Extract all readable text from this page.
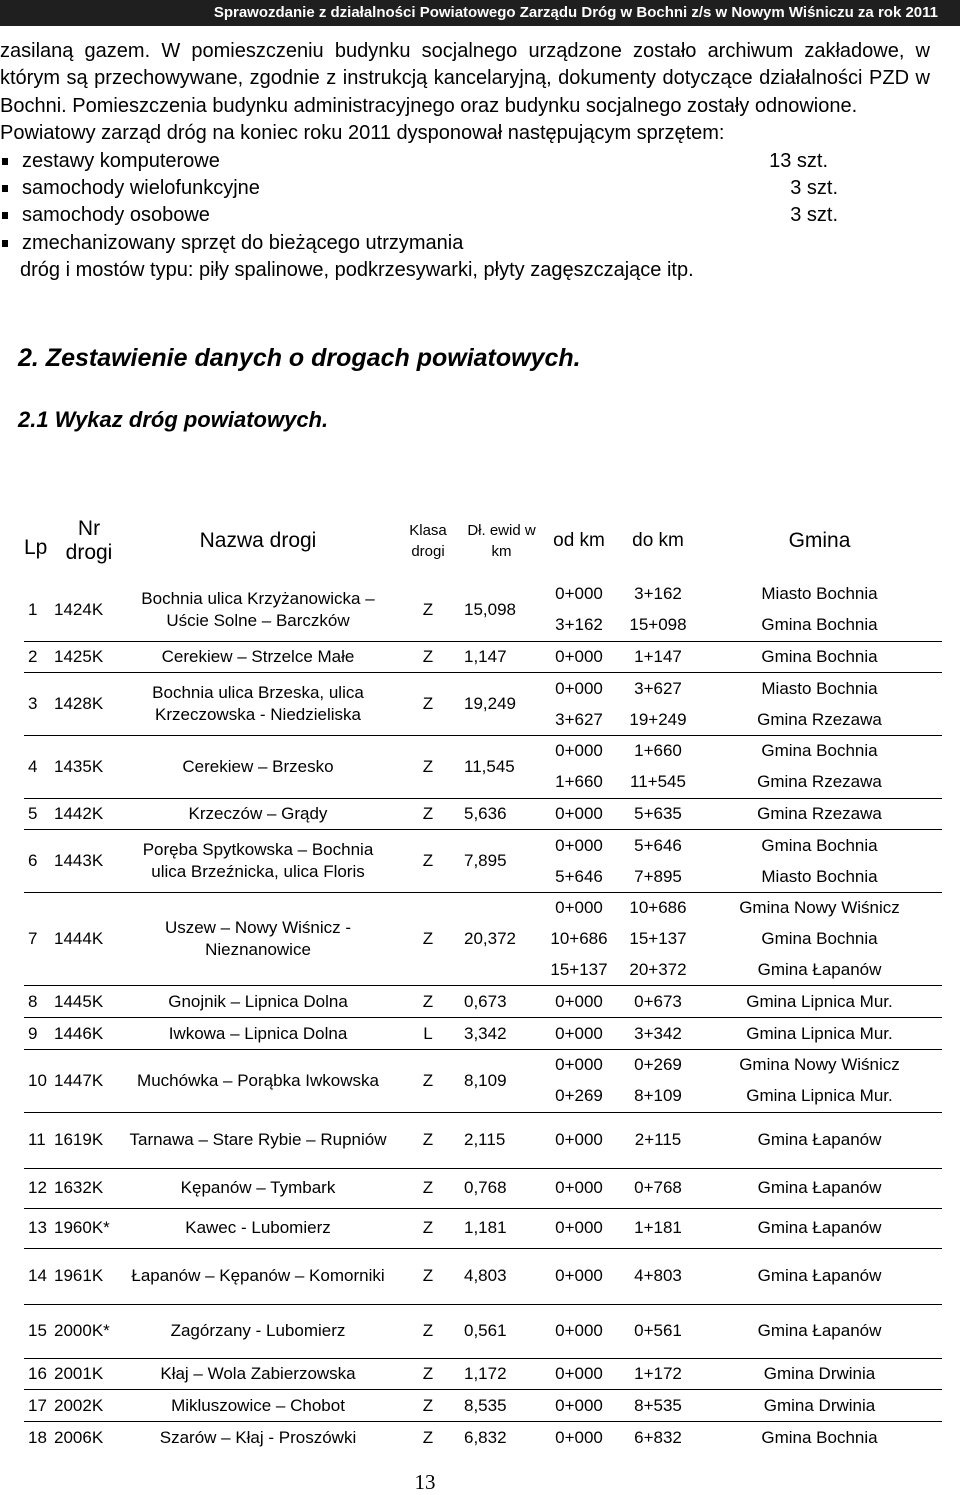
Sprawozdanie z działalności Powiatowego Zarządu Dróg w Bochni z/s w Nowym Wiśniczu za rok 2011

zasilaną gazem. W pomieszczeniu budynku socjalnego urządzone zostało archiwum zakładowe, w którym są przechowywane, zgodnie z instrukcją kancelaryjną, dokumenty dotyczące działalności PZD w Bochni. Pomieszczenia budynku administracyjnego oraz budynku socjalnego zostały odnowione.

Powiatowy zarząd dróg na koniec roku 2011 dysponował następującym sprzętem:

zestawy komputerowe	13 szt.
samochody wielofunkcyjne	3 szt.
samochody osobowe	3 szt.
zmechanizowany sprzęt do bieżącego utrzymania
dróg i mostów typu: piły spalinowe, podkrzesywarki, płyty zagęszczające itp.
2. Zestawienie danych o drogach powiatowych.
2.1 Wykaz dróg powiatowych.
Lp	Nr drogi	Nazwa drogi	Klasa drogi	Dł. ewid w km	od km	do km	Gmina
1	1424K	Bochnia ulica Krzyżanowicka – Uście Solne – Barczków	Z	15,098	0+000	3+162	Miasto Bochnia
					3+162	15+098	Gmina Bochnia
2	1425K	Cerekiew – Strzelce Małe	Z	1,147	0+000	1+147	Gmina Bochnia
3	1428K	Bochnia ulica Brzeska, ulica Krzeczowska - Niedzieliska	Z	19,249	0+000	3+627	Miasto Bochnia
					3+627	19+249	Gmina Rzezawa
4	1435K	Cerekiew – Brzesko	Z	11,545	0+000	1+660	Gmina Bochnia
					1+660	11+545	Gmina Rzezawa
5	1442K	Krzeczów – Grądy	Z	5,636	0+000	5+635	Gmina Rzezawa
6	1443K	Poręba Spytkowska – Bochnia ulica Brzeźnicka, ulica Floris	Z	7,895	0+000	5+646	Gmina Bochnia
					5+646	7+895	Miasto Bochnia
7	1444K	Uszew – Nowy Wiśnicz - Nieznanowice	Z	20,372	0+000	10+686	Gmina Nowy Wiśnicz
					10+686	15+137	Gmina Bochnia
					15+137	20+372	Gmina Łapanów
8	1445K	Gnojnik – Lipnica Dolna	Z	0,673	0+000	0+673	Gmina Lipnica Mur.
9	1446K	Iwkowa – Lipnica Dolna	L	3,342	0+000	3+342	Gmina Lipnica Mur.
10	1447K	Muchówka – Porąbka Iwkowska	Z	8,109	0+000	0+269	Gmina Nowy Wiśnicz
					0+269	8+109	Gmina Lipnica Mur.
11	1619K	Tarnawa – Stare Rybie – Rupniów	Z	2,115	0+000	2+115	Gmina Łapanów
12	1632K	Kępanów – Tymbark	Z	0,768	0+000	0+768	Gmina Łapanów
13	1960K*	Kawec - Lubomierz	Z	1,181	0+000	1+181	Gmina Łapanów
14	1961K	Łapanów – Kępanów – Komorniki	Z	4,803	0+000	4+803	Gmina Łapanów
15	2000K*	Zagórzany - Lubomierz	Z	0,561	0+000	0+561	Gmina Łapanów
16	2001K	Kłaj – Wola Zabierzowska	Z	1,172	0+000	1+172	Gmina Drwinia
17	2002K	Mikluszowice – Chobot	Z	8,535	0+000	8+535	Gmina Drwinia
18	2006K	Szarów – Kłaj - Proszówki	Z	6,832	0+000	6+832	Gmina Bochnia
13
